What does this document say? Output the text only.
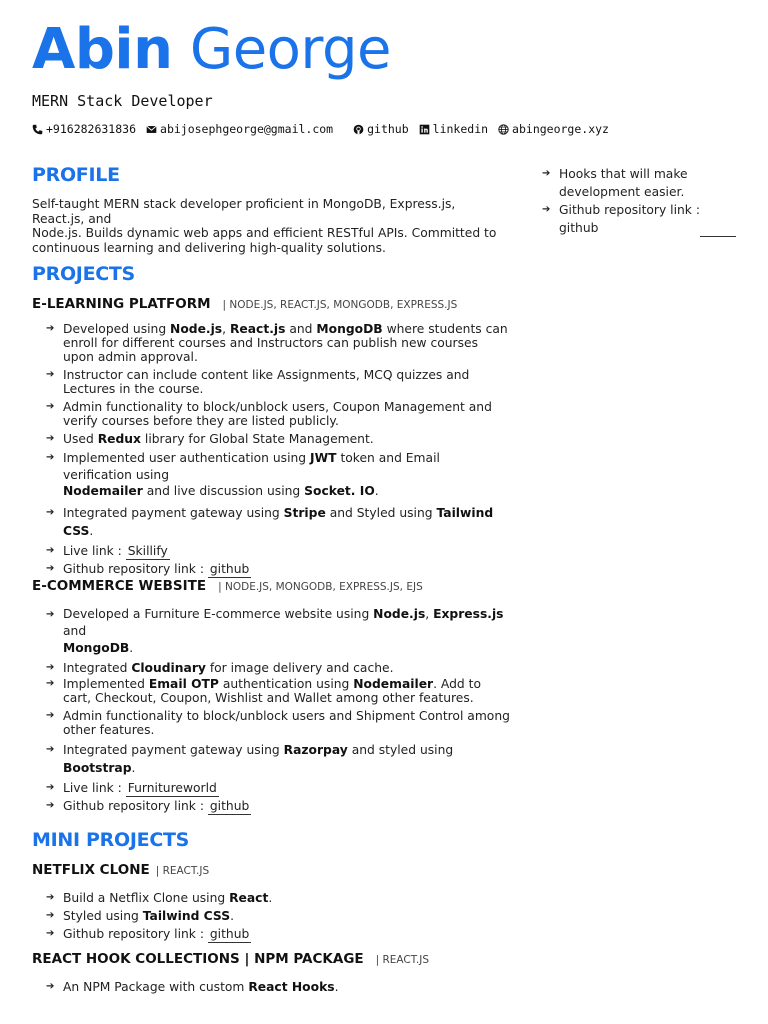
Abin George
MERN Stack Developer
+916282631836 abijosephgeorge@gmail.com	github linkedin abingeorge.xyz
PROFILE
Self-taught MERN stack developer proficient in MongoDB, Express.js,
React.js, and
Node.js. Builds dynamic web apps and efficient RESTful APIs. Committed to
continuous learning and delivering high-quality solutions.
PROJECTS
E-LEARNING PLATFORM | NODE.JS, REACT.JS, MONGODB, EXPRESS.JS
➔ Developed using Node.js, React.js and MongoDB where students can enroll for different courses and Instructors can publish new courses upon admin approval.
➔ Instructor can include content like Assignments, MCQ quizzes and Lectures in the course.
➔ Admin functionality to block/unblock users, Coupon Management and verify courses before they are listed publicly.
➔ Used Redux library for Global State Management.
➔ Implemented user authentication using JWT token and Email verification using
Nodemailer and live discussion using Socket. IO.
➔ Integrated payment gateway using Stripe and Styled using Tailwind CSS.
➔ Live link : Skillify
➔ Github repository link : github
E-COMMERCE WEBSITE | NODE.JS, MONGODB, EXPRESS.JS, EJS
➔ Developed a Furniture E-commerce website using Node.js, Express.js and
MongoDB.
➔ Integrated Cloudinary for image delivery and cache.
➔ Implemented Email OTP authentication using Nodemailer. Add to cart, Checkout, Coupon, Wishlist and Wallet among other features.
➔ Admin functionality to block/unblock users and Shipment Control among other features.
➔ Integrated payment gateway using Razorpay and styled using
Bootstrap.
➔ Live link : Furnitureworld
➔ Github repository link : github
MINI PROJECTS
NETFLIX CLONE | REACT.JS
➔ Build a Netflix Clone using React.
➔ Styled using Tailwind CSS.
➔ Github repository link : github
REACT HOOK COLLECTIONS | NPM PACKAGE | REACT.JS
➔ An NPM Package with custom React Hooks.
➔ Hooks that will make development easier.
➔ Github repository link :
github
